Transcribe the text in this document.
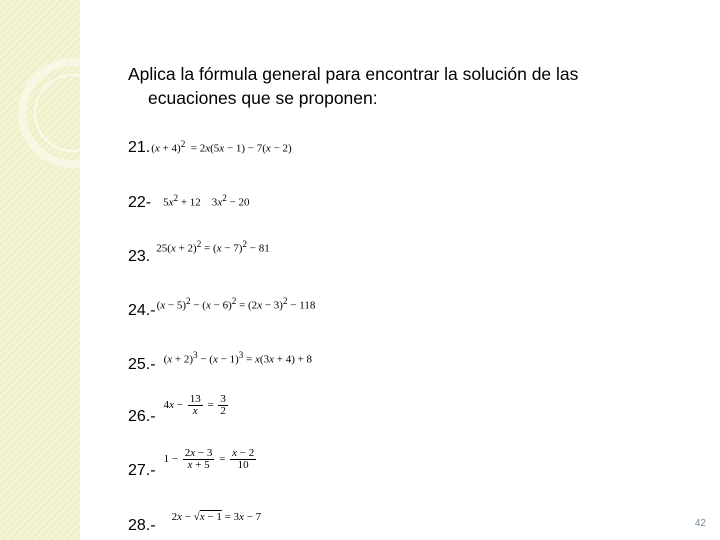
Aplica la fórmula general para encontrar la solución de las
ecuaciones que se proponen:
21. $(x + 4)^2 = 2x(5x - 1) - 7(x - 2)$
22- $5x^2 + 12$    $3x^2 - 20$
23. $25(x + 2)^2 = (x - 7)^2 - 81$
24.- $(x - 5)^2 - (x - 6)^2 = (2x - 3)^2 - 118$
25.- $(x + 2)^3 - (x - 1)^3 = x(3x + 4) + 8$
26.-
$4x - \frac{13}{x} = \frac{3}{2}$
27.-
$1 - \frac{2x - 3}{x + 5} = \frac{x - 2}{10}$
28.- 2x − √x − 1 = 3x − 7
42
